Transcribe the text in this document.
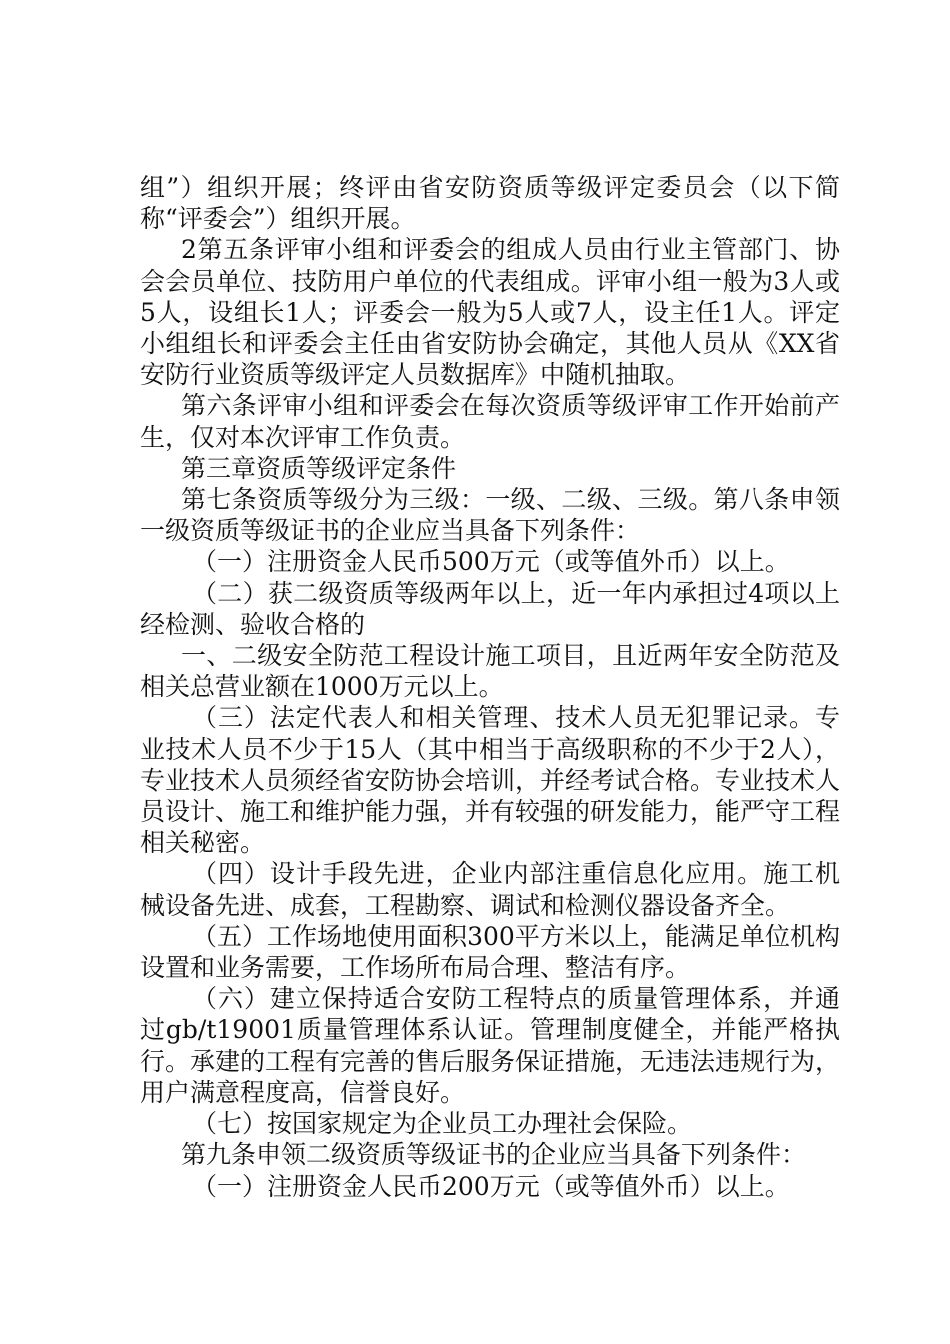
组”）组织开展；终评由省安防资质等级评定委员会（以下简称“评委会”）组织开展。

2第五条评审小组和评委会的组成人员由行业主管部门、协会会员单位、技防用户单位的代表组成。评审小组一般为3人或5人，设组长1人；评委会一般为5人或7人，设主任1人。评定小组组长和评委会主任由省安防协会确定，其他人员从《XX省安防行业资质等级评定人员数据库》中随机抽取。

第六条评审小组和评委会在每次资质等级评审工作开始前产生，仅对本次评审工作负责。

第三章资质等级评定条件

第七条资质等级分为三级：一级、二级、三级。第八条申领一级资质等级证书的企业应当具备下列条件：

（一）注册资金人民币500万元（或等值外币）以上。

（二）获二级资质等级两年以上，近一年内承担过4项以上经检测、验收合格的

一、二级安全防范工程设计施工项目，且近两年安全防范及相关总营业额在1000万元以上。

（三）法定代表人和相关管理、技术人员无犯罪记录。专业技术人员不少于15人（其中相当于高级职称的不少于2人），专业技术人员须经省安防协会培训，并经考试合格。专业技术人员设计、施工和维护能力强，并有较强的研发能力，能严守工程相关秘密。

（四）设计手段先进，企业内部注重信息化应用。施工机械设备先进、成套，工程勘察、调试和检测仪器设备齐全。

（五）工作场地使用面积300平方米以上，能满足单位机构设置和业务需要，工作场所布局合理、整洁有序。

（六）建立保持适合安防工程特点的质量管理体系，并通过gb/t19001质量管理体系认证。管理制度健全，并能严格执行。承建的工程有完善的售后服务保证措施，无违法违规行为，用户满意程度高，信誉良好。

（七）按国家规定为企业员工办理社会保险。

第九条申领二级资质等级证书的企业应当具备下列条件：

（一）注册资金人民币200万元（或等值外币）以上。
